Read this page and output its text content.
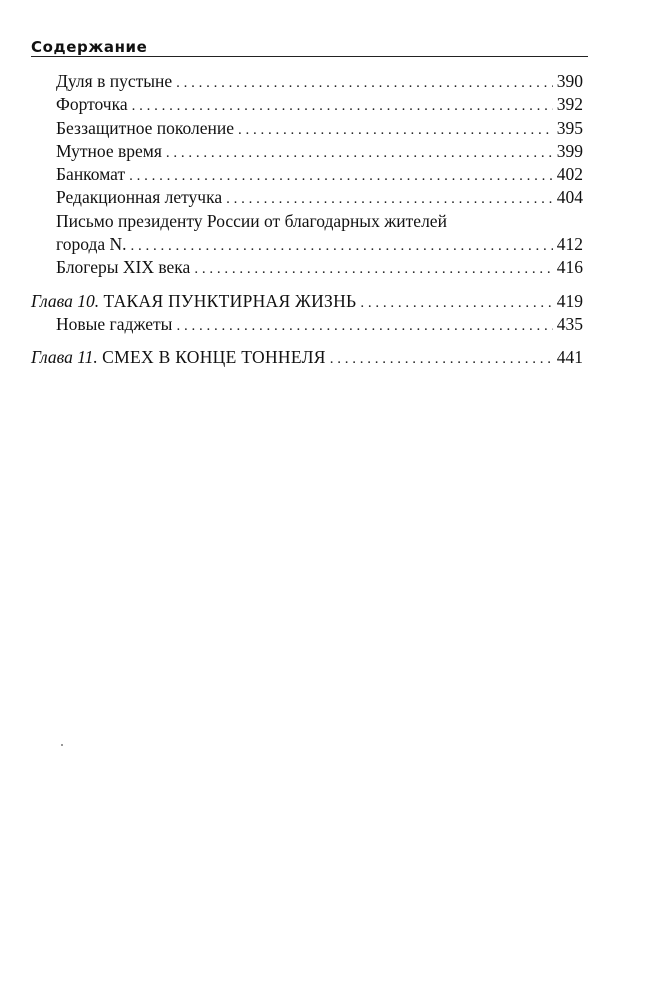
Содержание
Дуля в пустыне . . .	390
Форточка . . .	392
Беззащитное поколение . . .	395
Мутное время . . .	399
Банкомат . . .	402
Редакционная летучка . . .	404
Письмо президенту России от благодарных жителей
города N. . . .	412
Блогеры XIX века . . .	416
Глава 10.
ТАКАЯ ПУНКТИРНАЯ ЖИЗНЬ . . .	419
Новые гаджеты . . .	435
Глава 11.
СМЕХ В КОНЦЕ ТОННЕЛЯ . . .	441
